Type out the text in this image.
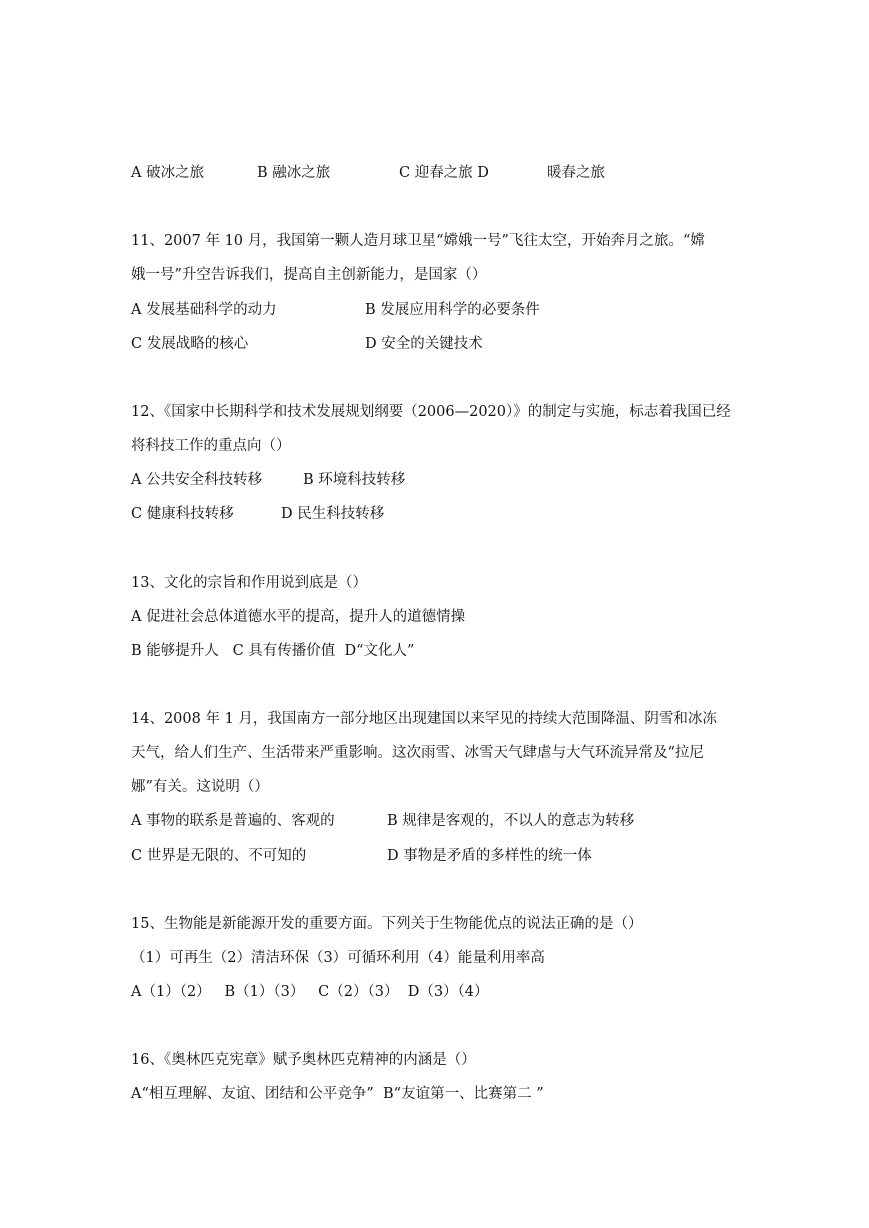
A 破冰之旅	B 融冰之旅	C 迎春之旅 D	暖春之旅
11、2007 年 10 月，我国第一颗人造月球卫星“嫦娥一号”飞往太空，开始奔月之旅。“嫦
娥一号”升空告诉我们，提高自主创新能力，是国家（）
A 发展基础科学的动力	B 发展应用科学的必要条件
C 发展战略的核心	D 安全的关键技术
12、《国家中长期科学和技术发展规划纲要（2006—2020）》的制定与实施，标志着我国已经
将科技工作的重点向（）
A 公共安全科技转移	B 环境科技转移
C 健康科技转移	D 民生科技转移
13、文化的宗旨和作用说到底是（）
A 促进社会总体道德水平的提高，提升人的道德情操
B 能够提升人   C 具有传播价值  D“文化人”
14、2008 年 1 月，我国南方一部分地区出现建国以来罕见的持续大范围降温、阴雪和冰冻
天气，给人们生产、生活带来严重影响。这次雨雪、冰雪天气肆虐与大气环流异常及“拉尼
娜”有关。这说明（）
A 事物的联系是普遍的、客观的	B 规律是客观的，不以人的意志为转移
C 世界是无限的、不可知的	D 事物是矛盾的多样性的统一体
15、生物能是新能源开发的重要方面。下列关于生物能优点的说法正确的是（）
（1）可再生（2）清洁环保（3）可循环利用（4）能量利用率高
A（1）（2）   B（1）（3）   C（2）（3）  D（3）（4）
16、《奥林匹克宪章》赋予奥林匹克精神的内涵是（）
A“相互理解、友谊、团结和公平竞争”  B“友谊第一、比赛第二 ”
